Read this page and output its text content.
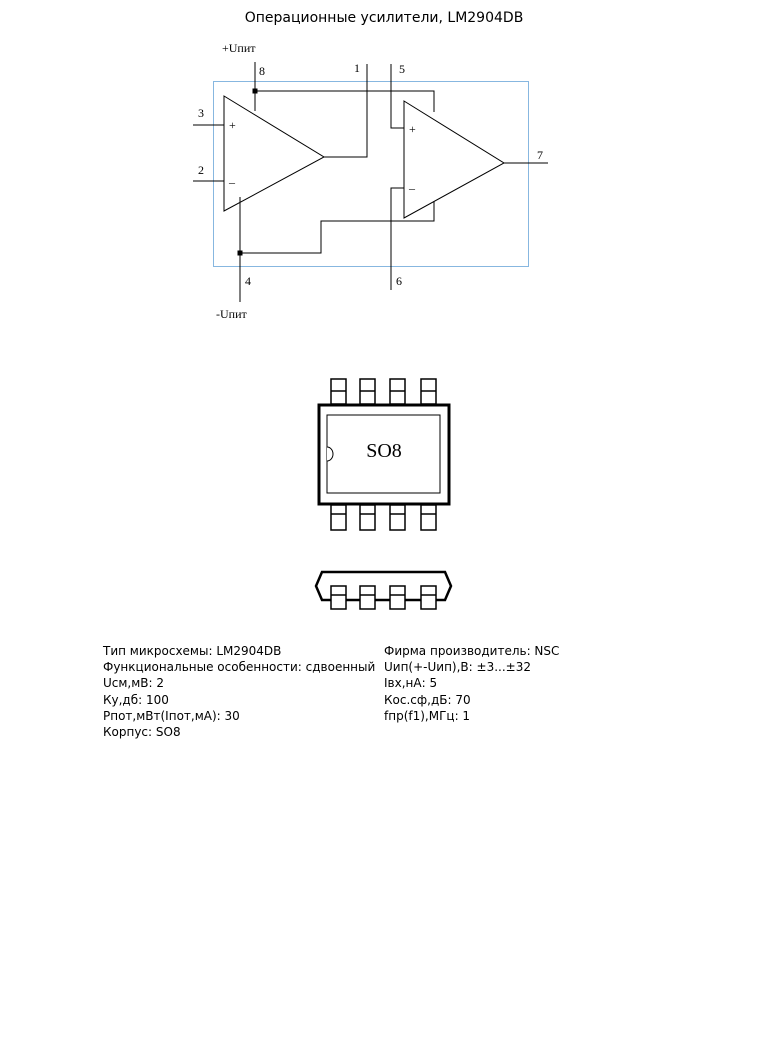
Операционные усилители, LM2904DB
+Uпит
-Uпит
8	1	5
3
2
7
4	6
+
–
+
–
SO8
Тип микросхемы: LM2904DB
Функциональные особенности: сдвоенный
Uсм,мВ: 2
Ку,дб: 100
Pпот,мВт(Iпот,мА): 30
Корпус: SO8
Фирма производитель: NSC
Uип(+-Uип),В: ±3...±32
Iвх,нА: 5
Кос.сф,дБ: 70
fпр(f1),МГц: 1
